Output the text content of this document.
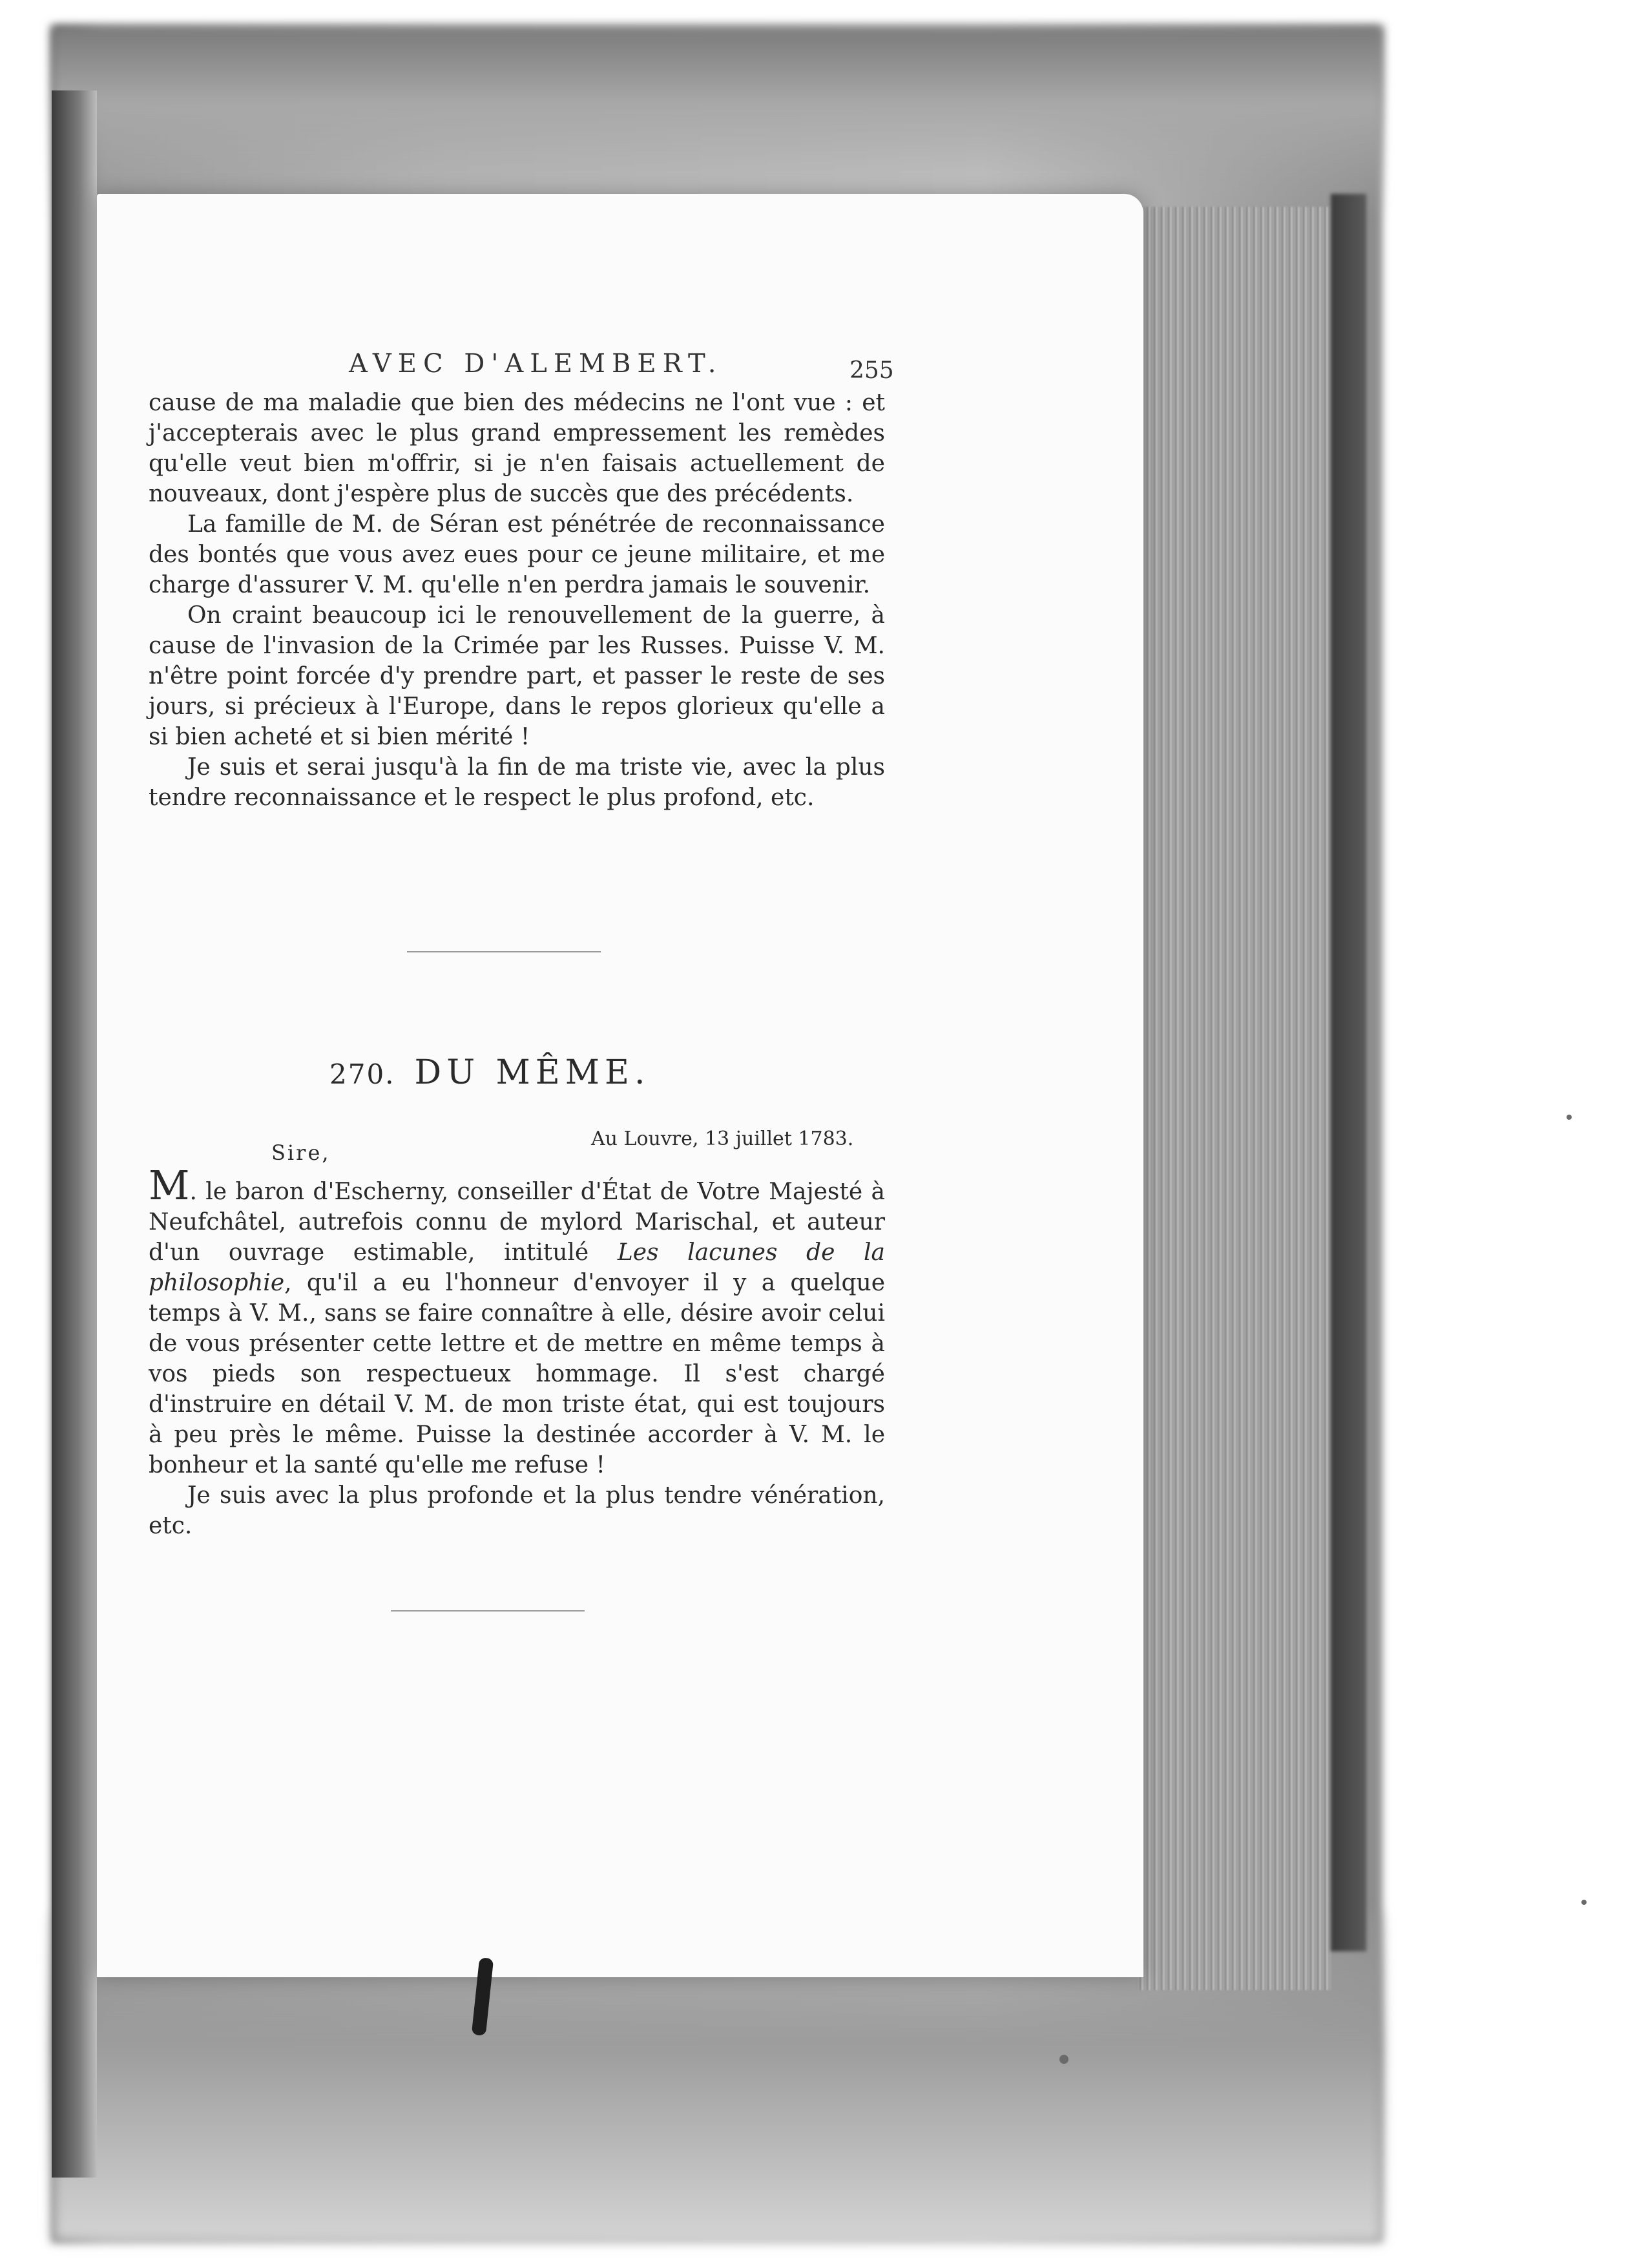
AVEC D'ALEMBERT.	255

cause de ma maladie que bien des médecins ne l'ont vue : et j'accepterais avec le plus grand empressement les remèdes qu'elle veut bien m'offrir, si je n'en faisais actuellement de nouveaux, dont j'espère plus de succès que des précédents.

La famille de M. de Séran est pénétrée de reconnaissance des bontés que vous avez eues pour ce jeune militaire, et me charge d'assurer V. M. qu'elle n'en perdra jamais le souvenir.

On craint beaucoup ici le renouvellement de la guerre, à cause de l'invasion de la Crimée par les Russes. Puisse V. M. n'être point forcée d'y prendre part, et passer le reste de ses jours, si précieux à l'Europe, dans le repos glorieux qu'elle a si bien acheté et si bien mérité !

Je suis et serai jusqu'à la fin de ma triste vie, avec la plus tendre reconnaissance et le respect le plus profond, etc.

270. DU MÊME.
Sire,
Au Louvre, 13 juillet 1783.

M. le baron d'Escherny, conseiller d'État de Votre Majesté à Neufchâtel, autrefois connu de mylord Marischal, et auteur d'un ouvrage estimable, intitulé Les lacunes de la philosophie, qu'il a eu l'honneur d'envoyer il y a quelque temps à V. M., sans se faire connaître à elle, désire avoir celui de vous présenter cette lettre et de mettre en même temps à vos pieds son respectueux hommage. Il s'est chargé d'instruire en détail V. M. de mon triste état, qui est toujours à peu près le même. Puisse la destinée accorder à V. M. le bonheur et la santé qu'elle me refuse !

Je suis avec la plus profonde et la plus tendre vénération, etc.
